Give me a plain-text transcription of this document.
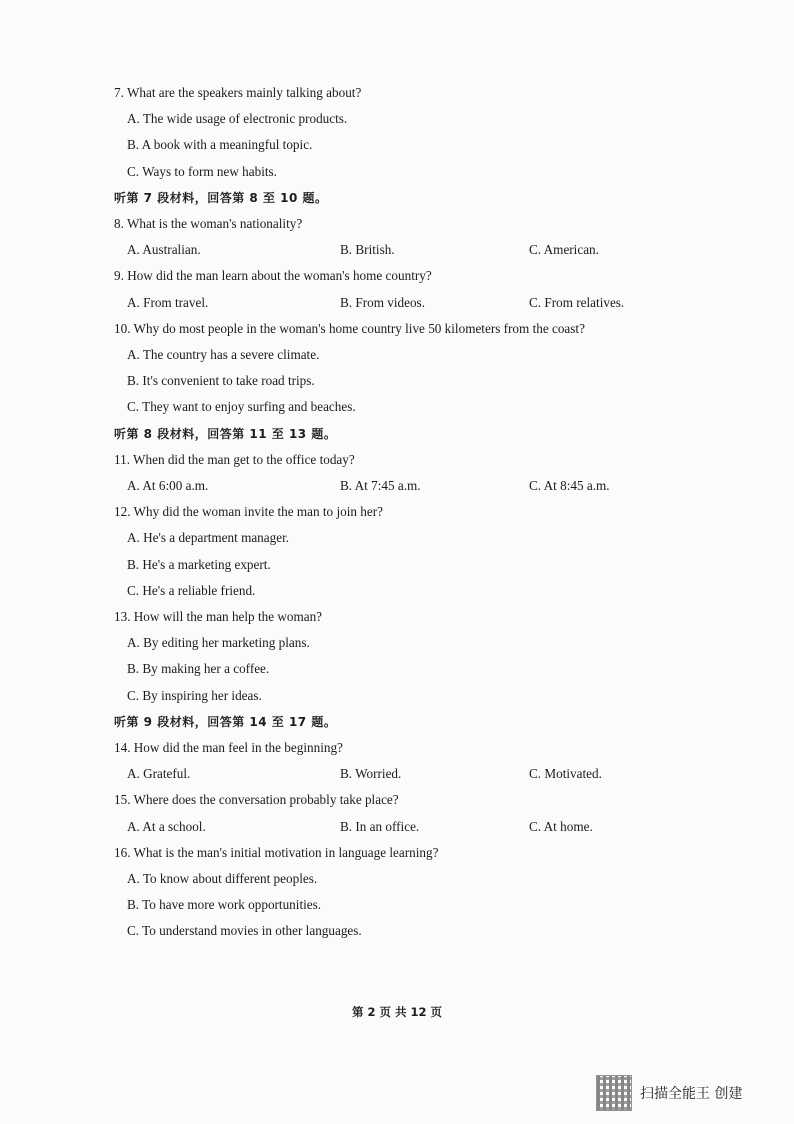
7. What are the speakers mainly talking about?
A. The wide usage of electronic products.
B. A book with a meaningful topic.
C. Ways to form new habits.
听第 7 段材料，回答第 8 至 10 题。
8. What is the woman's nationality?
A. Australian.	B. British.	C. American.
9. How did the man learn about the woman's home country?
A. From travel.	B. From videos.	C. From relatives.
10. Why do most people in the woman's home country live 50 kilometers from the coast?
A. The country has a severe climate.
B. It's convenient to take road trips.
C. They want to enjoy surfing and beaches.
听第 8 段材料，回答第 11 至 13 题。
11. When did the man get to the office today?
A. At 6:00 a.m.	B. At 7:45 a.m.	C. At 8:45 a.m.
12. Why did the woman invite the man to join her?
A. He's a department manager.
B. He's a marketing expert.
C. He's a reliable friend.
13. How will the man help the woman?
A. By editing her marketing plans.
B. By making her a coffee.
C. By inspiring her ideas.
听第 9 段材料，回答第 14 至 17 题。
14. How did the man feel in the beginning?
A. Grateful.	B. Worried.	C. Motivated.
15. Where does the conversation probably take place?
A. At a school.	B. In an office.	C. At home.
16. What is the man's initial motivation in language learning?
A. To know about different peoples.
B. To have more work opportunities.
C. To understand movies in other languages.
第 2 页 共 12 页
扫描全能王 创建
